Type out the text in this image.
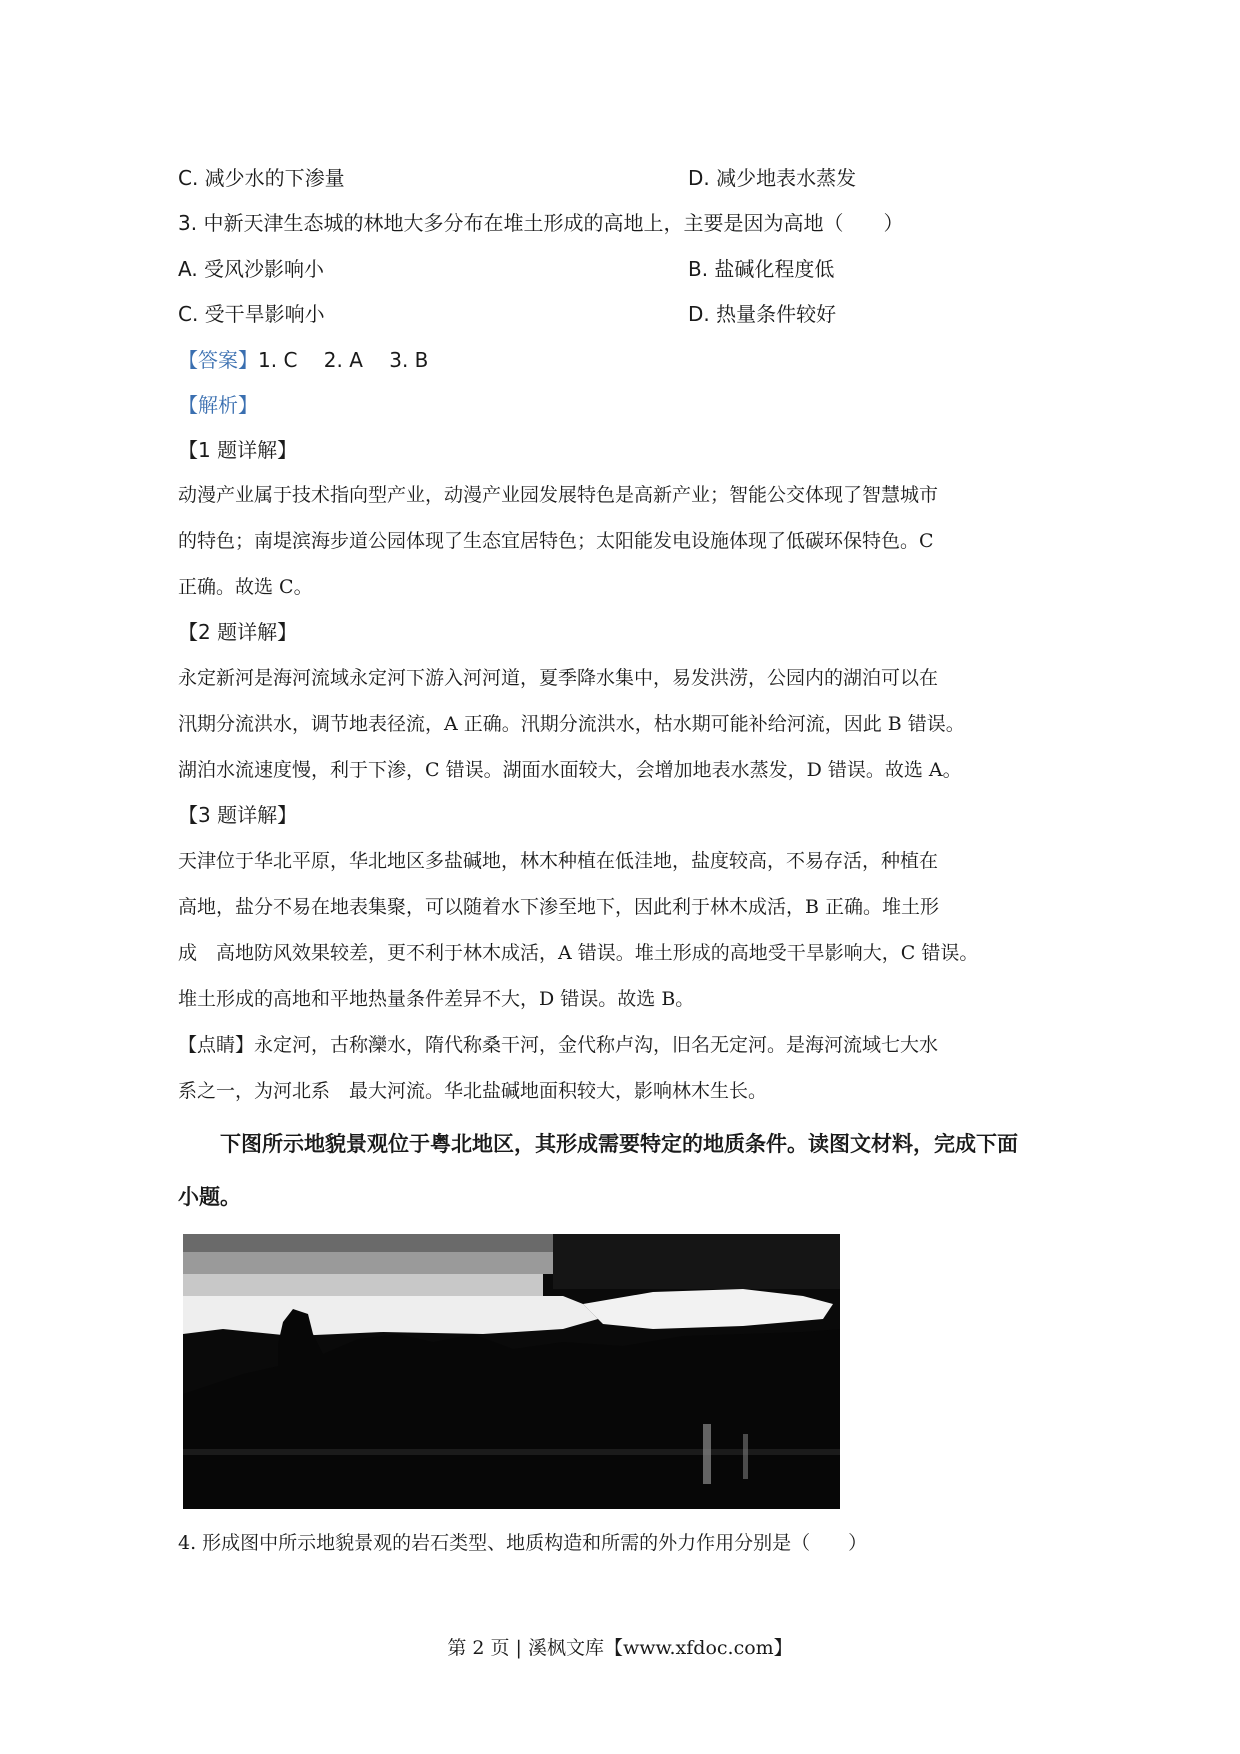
C. 减少水的下渗量	D. 减少地表水蒸发
3. 中新天津生态城的林地大多分布在堆土形成的高地上，主要是因为高地（　　）
A. 受风沙影响小	B. 盐碱化程度低
C. 受干旱影响小	D. 热量条件较好
【答案】1. C　 2. A　 3. B
【解析】
【1 题详解】
动漫产业属于技术指向型产业，动漫产业园发展特色是高新产业；智能公交体现了智慧城市
的特色；南堤滨海步道公园体现了生态宜居特色；太阳能发电设施体现了低碳环保特色。C
正确。故选 C。
【2 题详解】
永定新河是海河流域永定河下游入河河道，夏季降水集中，易发洪涝，公园内的湖泊可以在
汛期分流洪水，调节地表径流，A 正确。汛期分流洪水，枯水期可能补给河流，因此 B 错误。
湖泊水流速度慢，利于下渗，C 错误。湖面水面较大，会增加地表水蒸发，D 错误。故选 A。
【3 题详解】
天津位于华北平原，华北地区多盐碱地，林木种植在低洼地，盐度较高，不易存活，种植在
高地，盐分不易在地表集聚，可以随着水下渗至地下，因此利于林木成活，B 正确。堆土形
成　高地防风效果较差，更不利于林木成活，A 错误。堆土形成的高地受干旱影响大，C 错误。
堆土形成的高地和平地热量条件差异不大，D 错误。故选 B。
【点睛】永定河，古称灤水，隋代称桑干河，金代称卢沟，旧名无定河。是海河流域七大水
系之一，为河北系　最大河流。华北盐碱地面积较大，影响林木生长。
下图所示地貌景观位于粤北地区，其形成需要特定的地质条件。读图文材料，完成下面
小题。
4. 形成图中所示地貌景观的岩石类型、地质构造和所需的外力作用分别是（　　）
第 2 页 | 溪枫文库【www.xfdoc.com】
